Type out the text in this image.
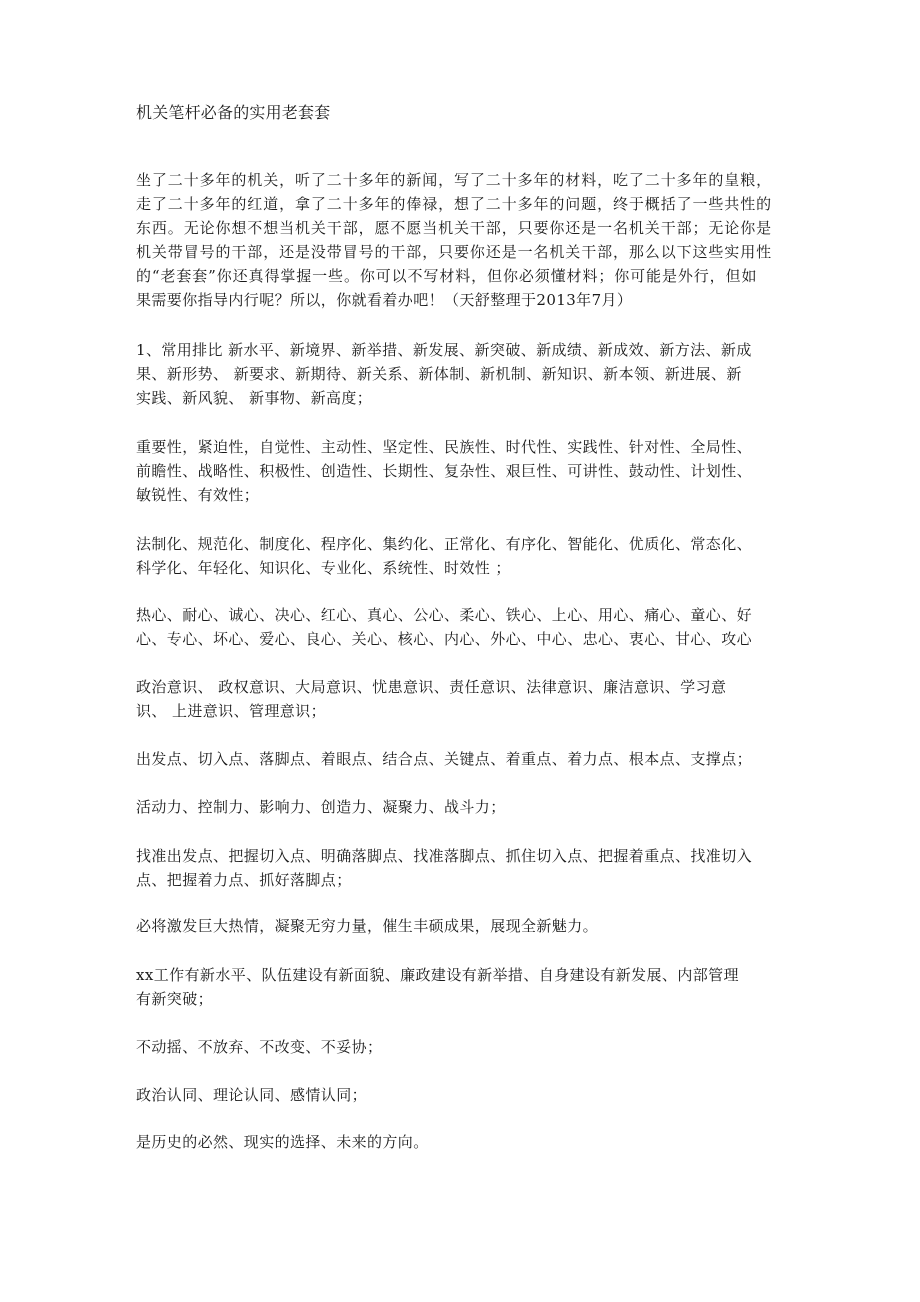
机关笔杆必备的实用老套套
坐了二十多年的机关，听了二十多年的新闻，写了二十多年的材料，吃了二十多年的皇粮，
走了二十多年的红道，拿了二十多年的俸禄，想了二十多年的问题，终于概括了一些共性的
东西。无论你想不想当机关干部，愿不愿当机关干部，只要你还是一名机关干部；无论你是
机关带冒号的干部，还是没带冒号的干部，只要你还是一名机关干部，那么以下这些实用性
的“老套套”你还真得掌握一些。你可以不写材料，但你必须懂材料；你可能是外行，但如
果需要你指导内行呢？所以，你就看着办吧！（天舒整理于2013年7月）
1、常用排比 新水平、新境界、新举措、新发展、新突破、新成绩、新成效、新方法、新成
果、新形势、 新要求、新期待、新关系、新体制、新机制、新知识、新本领、新进展、新
实践、新风貌、 新事物、新高度；
重要性，紧迫性，自觉性、主动性、坚定性、民族性、时代性、实践性、针对性、全局性、
前瞻性、战略性、积极性、创造性、长期性、复杂性、艰巨性、可讲性、鼓动性、计划性、
敏锐性、有效性；
法制化、规范化、制度化、程序化、集约化、正常化、有序化、智能化、优质化、常态化、
科学化、年轻化、知识化、专业化、系统性、时效性 ；
热心、耐心、诚心、决心、红心、真心、公心、柔心、铁心、上心、用心、痛心、童心、好
心、专心、坏心、爱心、良心、关心、核心、内心、外心、中心、忠心、衷心、甘心、攻心
政治意识、 政权意识、大局意识、忧患意识、责任意识、法律意识、廉洁意识、学习意
识、 上进意识、管理意识；
出发点、切入点、落脚点、着眼点、结合点、关键点、着重点、着力点、根本点、支撑点；
活动力、控制力、影响力、创造力、凝聚力、战斗力；
找准出发点、把握切入点、明确落脚点、找准落脚点、抓住切入点、把握着重点、找准切入
点、把握着力点、抓好落脚点；
必将激发巨大热情，凝聚无穷力量，催生丰硕成果，展现全新魅力。
xx工作有新水平、队伍建设有新面貌、廉政建设有新举措、自身建设有新发展、内部管理
有新突破；
不动摇、不放弃、不改变、不妥协；
政治认同、理论认同、感情认同；
是历史的必然、现实的选择、未来的方向。
